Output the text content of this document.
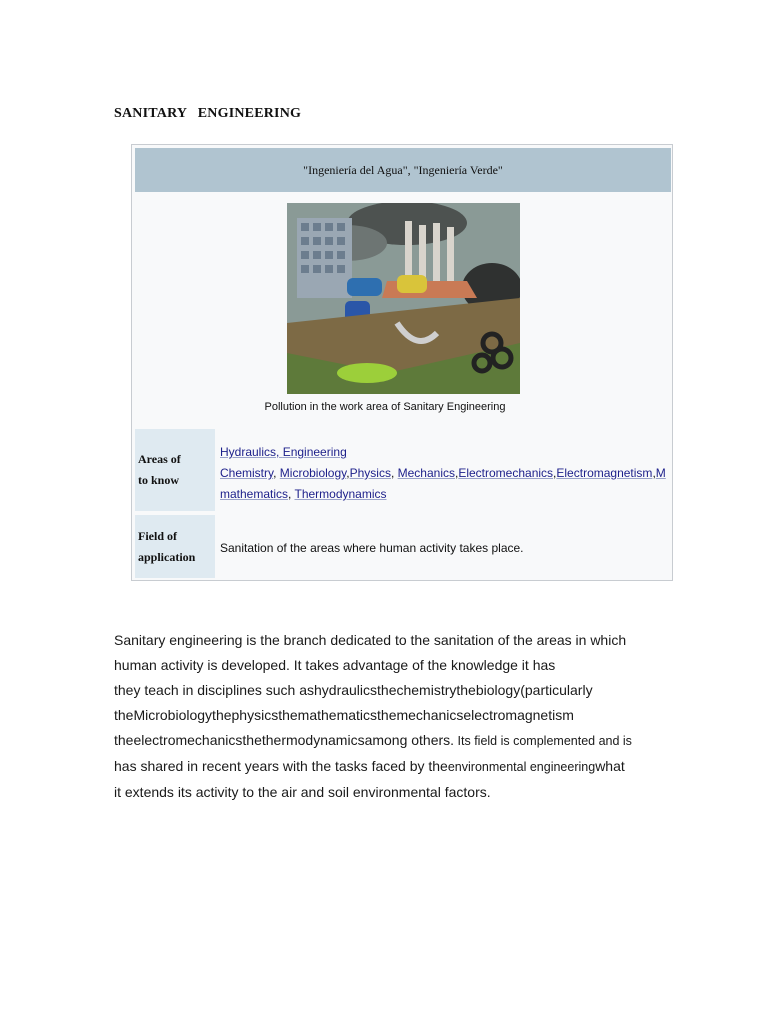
SANITARY   ENGINEERING
"Ingeniería del Agua", "Ingeniería Verde"
Pollution in the work area of Sanitary Engineering
Areas of
to know
Hydraulics, Engineering
Chemistry, Microbiology,Physics, Mechanics,Electromechanics,Electromagnetism,M
mathematics, Thermodynamics
Field of
application
Sanitation of the areas where human activity takes place.
Sanitary engineering is the branch dedicated to the sanitation of the areas in which
human activity is developed. It takes advantage of the knowledge it has
they teach in disciplines such ashydraulicsthechemistrythebiology(particularly
theMicrobiologythephysicsthemathematicsthemechanicselectromagnetism
theelectromechanicsthethermodynamicsamong others. Its field is complemented and is
has shared in recent years with the tasks faced by theenvironmental engineeringwhat
it extends its activity to the air and soil environmental factors.
